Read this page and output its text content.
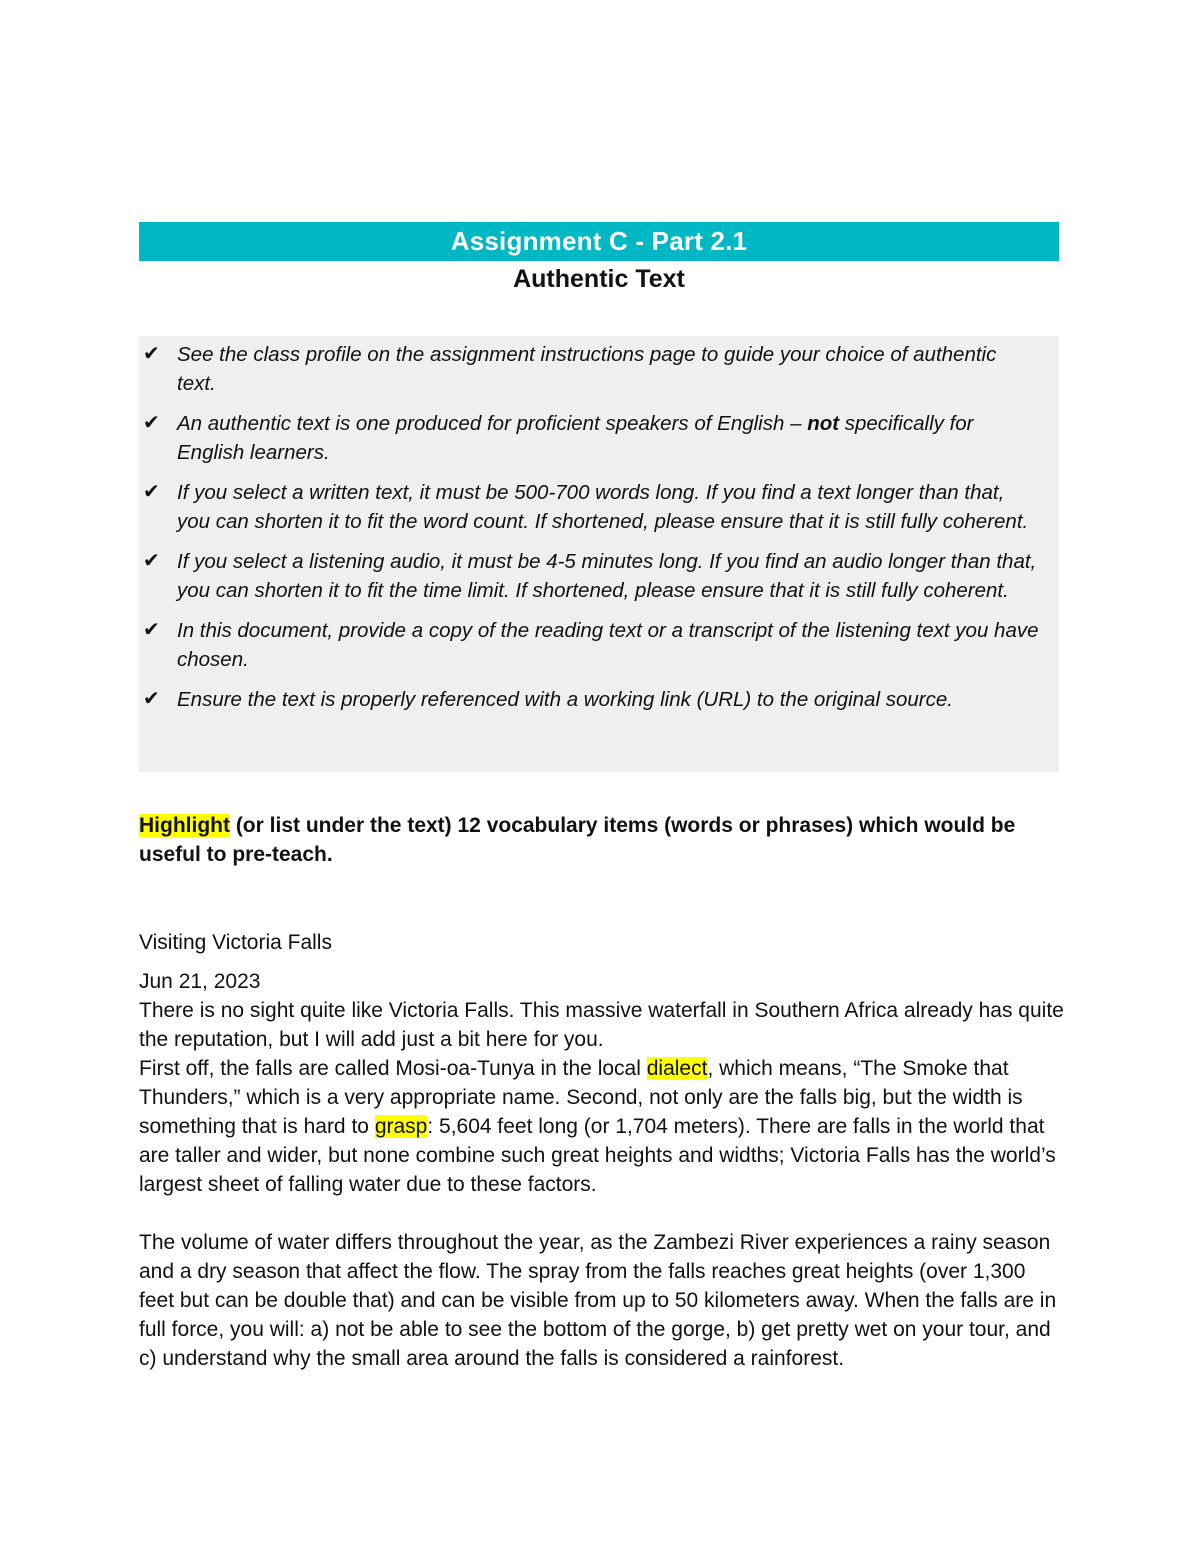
Assignment C - Part 2.1
Authentic Text
✔ See the class profile on the assignment instructions page to guide your choice of authentic text.
✔ An authentic text is one produced for proficient speakers of English – not specifically for English learners.
✔ If you select a written text, it must be 500-700 words long. If you find a text longer than that, you can shorten it to fit the word count. If shortened, please ensure that it is still fully coherent.
✔ If you select a listening audio, it must be 4-5 minutes long. If you find an audio longer than that, you can shorten it to fit the time limit. If shortened, please ensure that it is still fully coherent.
✔ In this document, provide a copy of the reading text or a transcript of the listening text you have chosen.
✔ Ensure the text is properly referenced with a working link (URL) to the original source.
Highlight (or list under the text) 12 vocabulary items (words or phrases) which would be useful to pre-teach.
Visiting Victoria Falls
Jun 21, 2023

There is no sight quite like Victoria Falls. This massive waterfall in Southern Africa already has quite the reputation, but I will add just a bit here for you.

First off, the falls are called Mosi-oa-Tunya in the local dialect, which means, “The Smoke that Thunders,” which is a very appropriate name. Second, not only are the falls big, but the width is something that is hard to grasp: 5,604 feet long (or 1,704 meters). There are falls in the world that are taller and wider, but none combine such great heights and widths; Victoria Falls has the world’s largest sheet of falling water due to these factors.

The volume of water differs throughout the year, as the Zambezi River experiences a rainy season and a dry season that affect the flow. The spray from the falls reaches great heights (over 1,300 feet but can be double that) and can be visible from up to 50 kilometers away. When the falls are in full force, you will: a) not be able to see the bottom of the gorge, b) get pretty wet on your tour, and c) understand why the small area around the falls is considered a rainforest.
